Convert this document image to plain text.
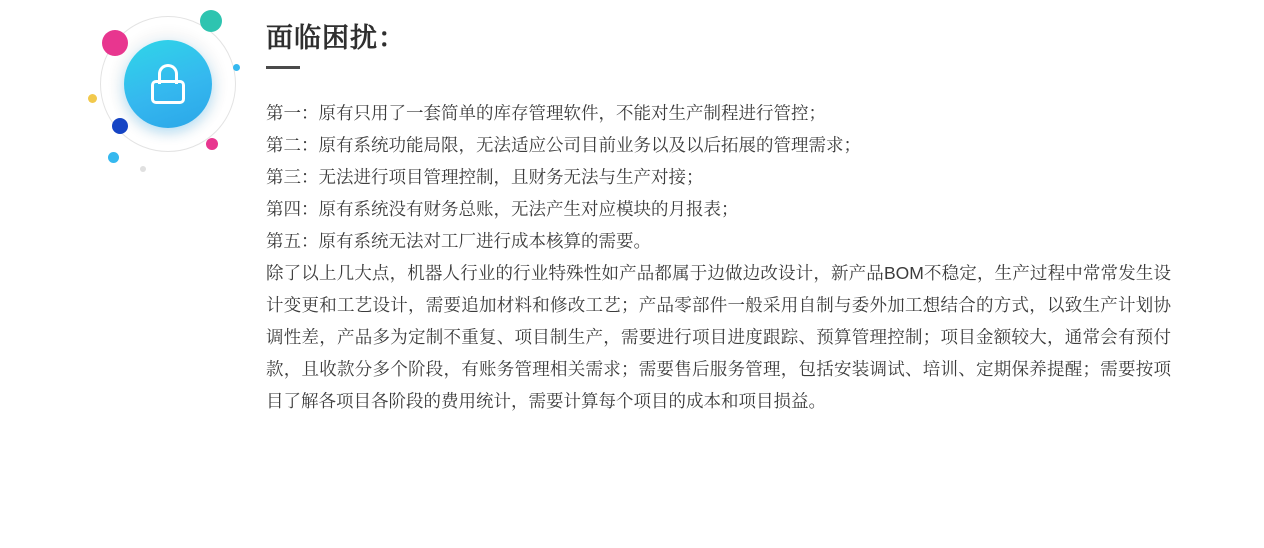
面临困扰：
第一：原有只用了一套简单的库存管理软件，不能对生产制程进行管控；
第二：原有系统功能局限，无法适应公司目前业务以及以后拓展的管理需求；
第三：无法进行项目管理控制，且财务无法与生产对接；
第四：原有系统没有财务总账，无法产生对应模块的月报表；
第五：原有系统无法对工厂进行成本核算的需要。

除了以上几大点，机器人行业的行业特殊性如产品都属于边做边改设计，新产品BOM不稳定，生产过程中常常发生设计变更和工艺设计，需要追加材料和修改工艺；产品零部件一般采用自制与委外加工想结合的方式，以致生产计划协调性差，产品多为定制不重复、项目制生产，需要进行项目进度跟踪、预算管理控制；项目金额较大，通常会有预付款，且收款分多个阶段，有账务管理相关需求；需要售后服务管理，包括安装调试、培训、定期保养提醒；需要按项目了解各项目各阶段的费用统计，需要计算每个项目的成本和项目损益。
